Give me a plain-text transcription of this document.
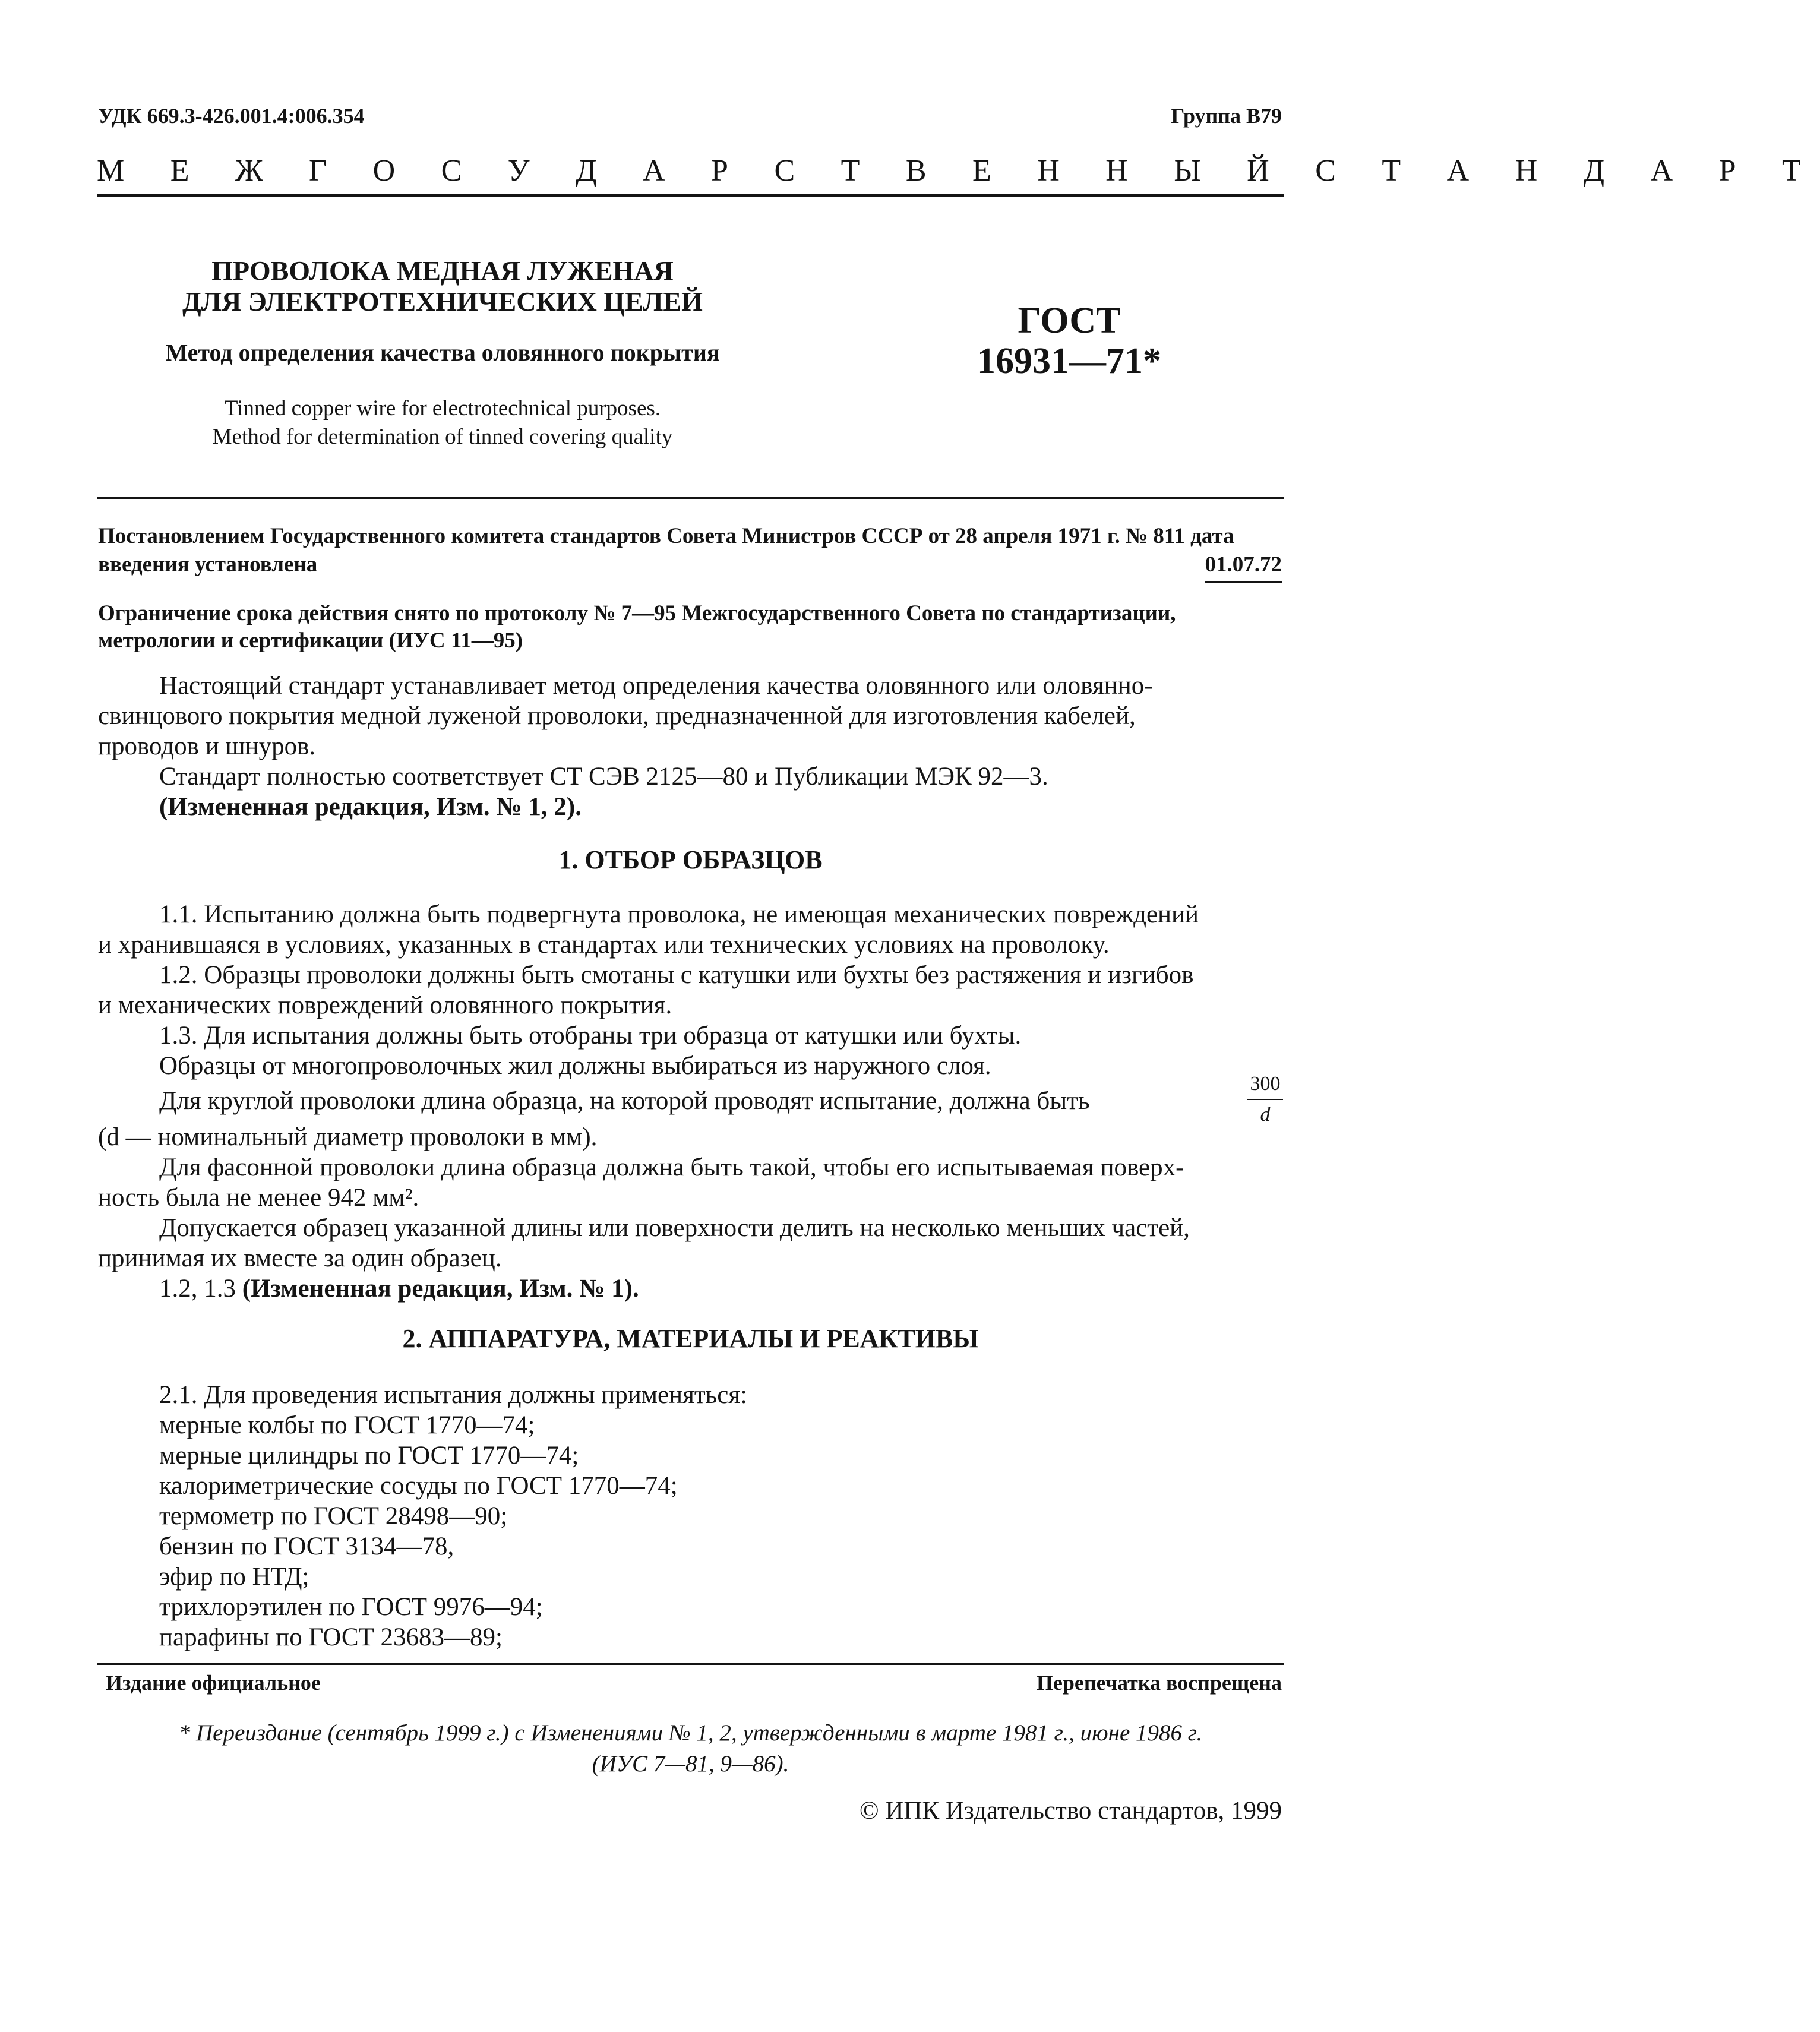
УДК 669.3-426.001.4:006.354	Группа В79
М Е Ж Г О С У Д А Р С Т В Е Н Н Ы Й С Т А Н Д А Р Т
ПРОВОЛОКА МЕДНАЯ ЛУЖЕНАЯ
ДЛЯ ЭЛЕКТРОТЕХНИЧЕСКИХ ЦЕЛЕЙ
Метод определения качества оловянного покрытия
Tinned copper wire for electrotechnical purposes.
Method for determination of tinned covering quality
ГОСТ
16931—71*
Постановлением Государственного комитета стандартов Совета Министров СССР от 28 апреля 1971 г. № 811 дата
введения установлена	01.07.72
Ограничение срока действия снято по протоколу № 7—95 Межгосударственного Совета по стандартизации,
метрологии и сертификации (ИУС 11—95)
Настоящий стандарт устанавливает метод определения качества оловянного или оловянно-
свинцового покрытия медной луженой проволоки, предназначенной для изготовления кабелей,
проводов и шнуров.
Стандарт полностью соответствует СТ СЭВ 2125—80 и Публикации МЭК 92—3.
(Измененная редакция, Изм. № 1, 2).
1. ОТБОР ОБРАЗЦОВ
1.1. Испытанию должна быть подвергнута проволока, не имеющая механических повреждений
и хранившаяся в условиях, указанных в стандартах или технических условиях на проволоку.
1.2. Образцы проволоки должны быть смотаны с катушки или бухты без растяжения и изгибов
и механических повреждений оловянного покрытия.
1.3. Для испытания должны быть отобраны три образца от катушки или бухты.
Образцы от многопроволочных жил должны выбираться из наружного слоя.
Для круглой проволоки длина образца, на которой проводят испытание, должна быть
300
d
(d — номинальный диаметр проволоки в мм).
Для фасонной проволоки длина образца должна быть такой, чтобы его испытываемая поверх-
ность была не менее 942 мм².
Допускается образец указанной длины или поверхности делить на несколько меньших частей,
принимая их вместе за один образец.
1.2, 1.3 (Измененная редакция, Изм. № 1).
2. АППАРАТУРА, МАТЕРИАЛЫ И РЕАКТИВЫ
2.1. Для проведения испытания должны применяться:
мерные колбы по ГОСТ 1770—74;
мерные цилиндры по ГОСТ 1770—74;
калориметрические сосуды по ГОСТ 1770—74;
термометр по ГОСТ 28498—90;
бензин по ГОСТ 3134—78,
эфир по НТД;
трихлорэтилен по ГОСТ 9976—94;
парафины по ГОСТ 23683—89;
Издание официальное	Перепечатка воспрещена
* Переиздание (сентябрь 1999 г.) с Изменениями № 1, 2, утвержденными в марте 1981 г., июне 1986 г.
(ИУС 7—81, 9—86).
© ИПК Издательство стандартов, 1999
